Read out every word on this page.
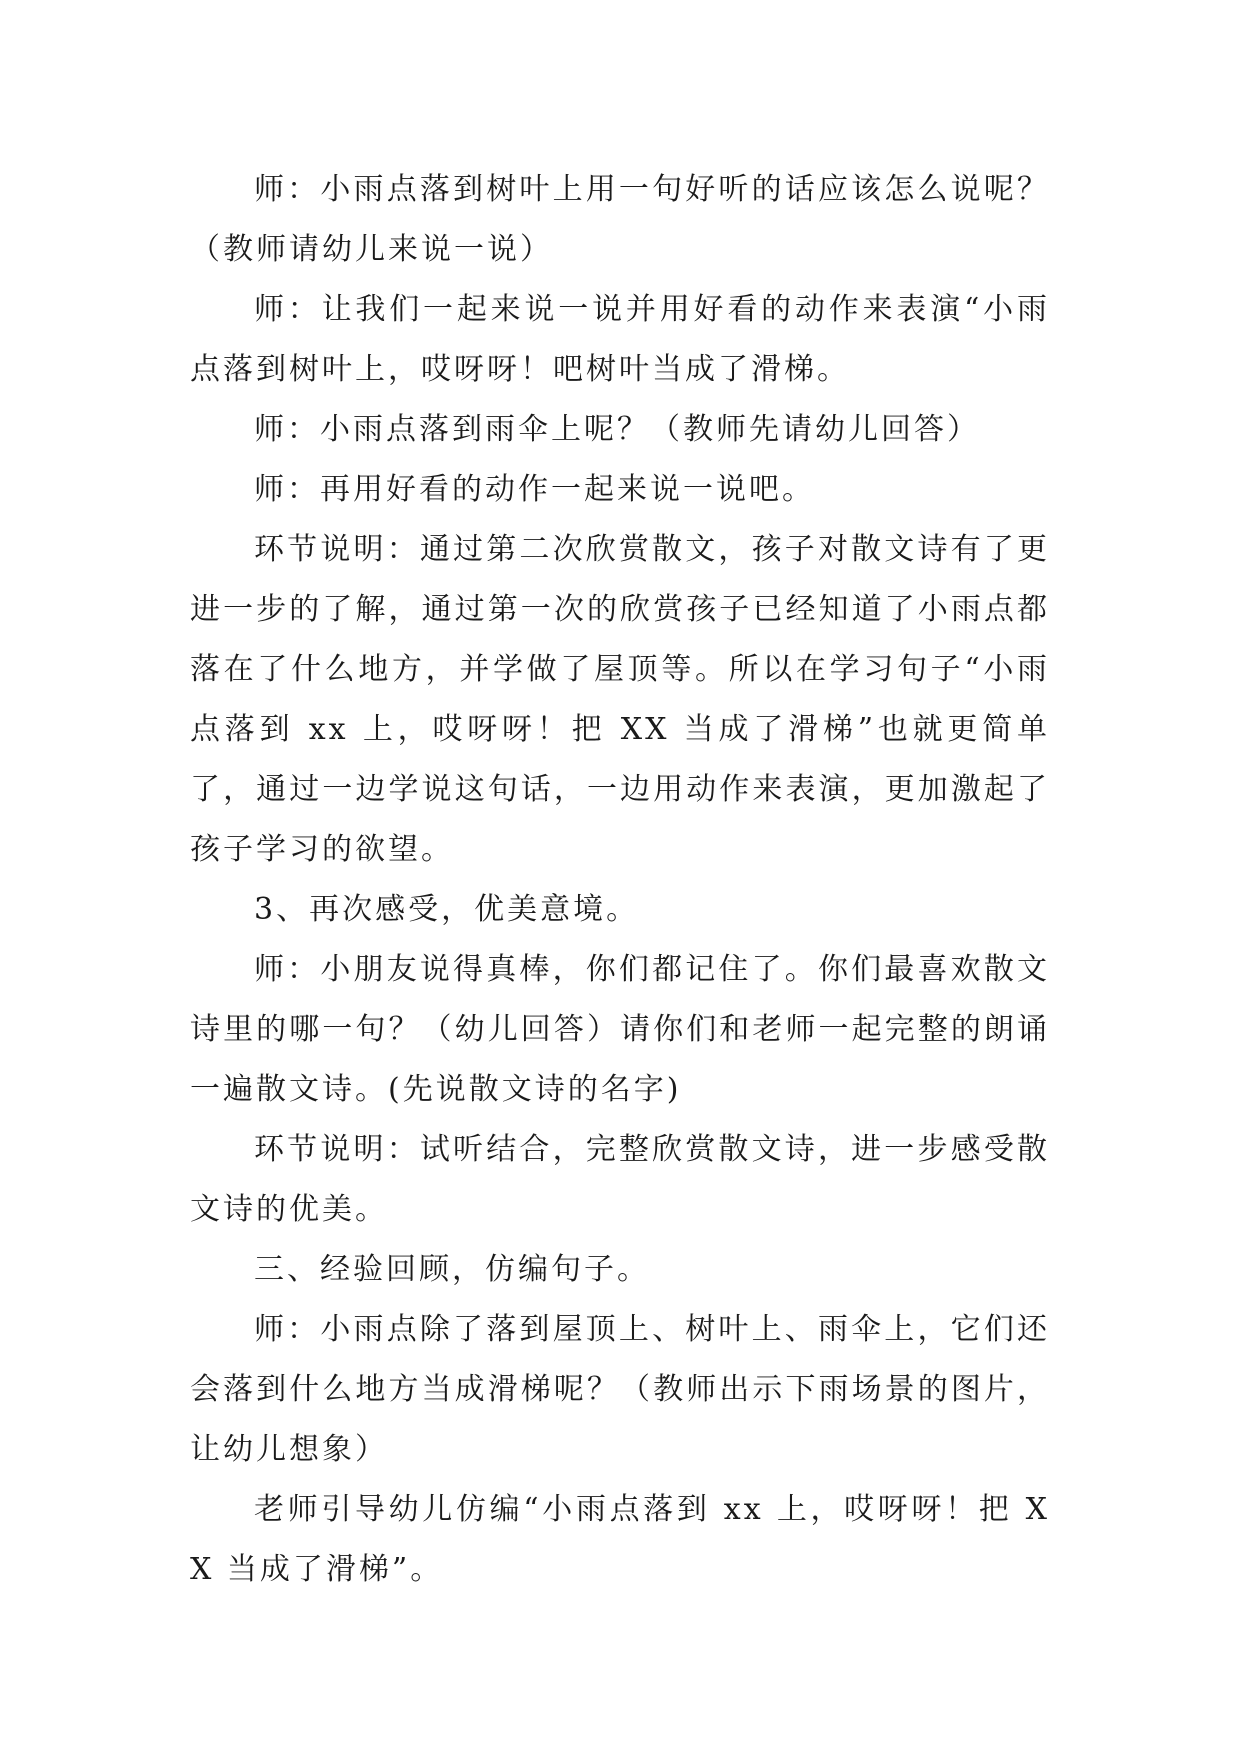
师：小雨点落到树叶上用一句好听的话应该怎么说呢？（教师请幼儿来说一说）

师：让我们一起来说一说并用好看的动作来表演“小雨点落到树叶上，哎呀呀！吧树叶当成了滑梯。

师：小雨点落到雨伞上呢？（教师先请幼儿回答）

师：再用好看的动作一起来说一说吧。

环节说明：通过第二次欣赏散文，孩子对散文诗有了更进一步的了解，通过第一次的欣赏孩子已经知道了小雨点都落在了什么地方，并学做了屋顶等。所以在学习句子“小雨点落到 xx 上，哎呀呀！把 XX 当成了滑梯”也就更简单了，通过一边学说这句话，一边用动作来表演，更加激起了孩子学习的欲望。

3、再次感受，优美意境。

师：小朋友说得真棒，你们都记住了。你们最喜欢散文诗里的哪一句？（幼儿回答）请你们和老师一起完整的朗诵一遍散文诗。(先说散文诗的名字)

环节说明：试听结合，完整欣赏散文诗，进一步感受散文诗的优美。

三、经验回顾，仿编句子。

师：小雨点除了落到屋顶上、树叶上、雨伞上，它们还会落到什么地方当成滑梯呢？（教师出示下雨场景的图片，让幼儿想象）

老师引导幼儿仿编“小雨点落到 xx 上，哎呀呀！把 XX 当成了滑梯”。
